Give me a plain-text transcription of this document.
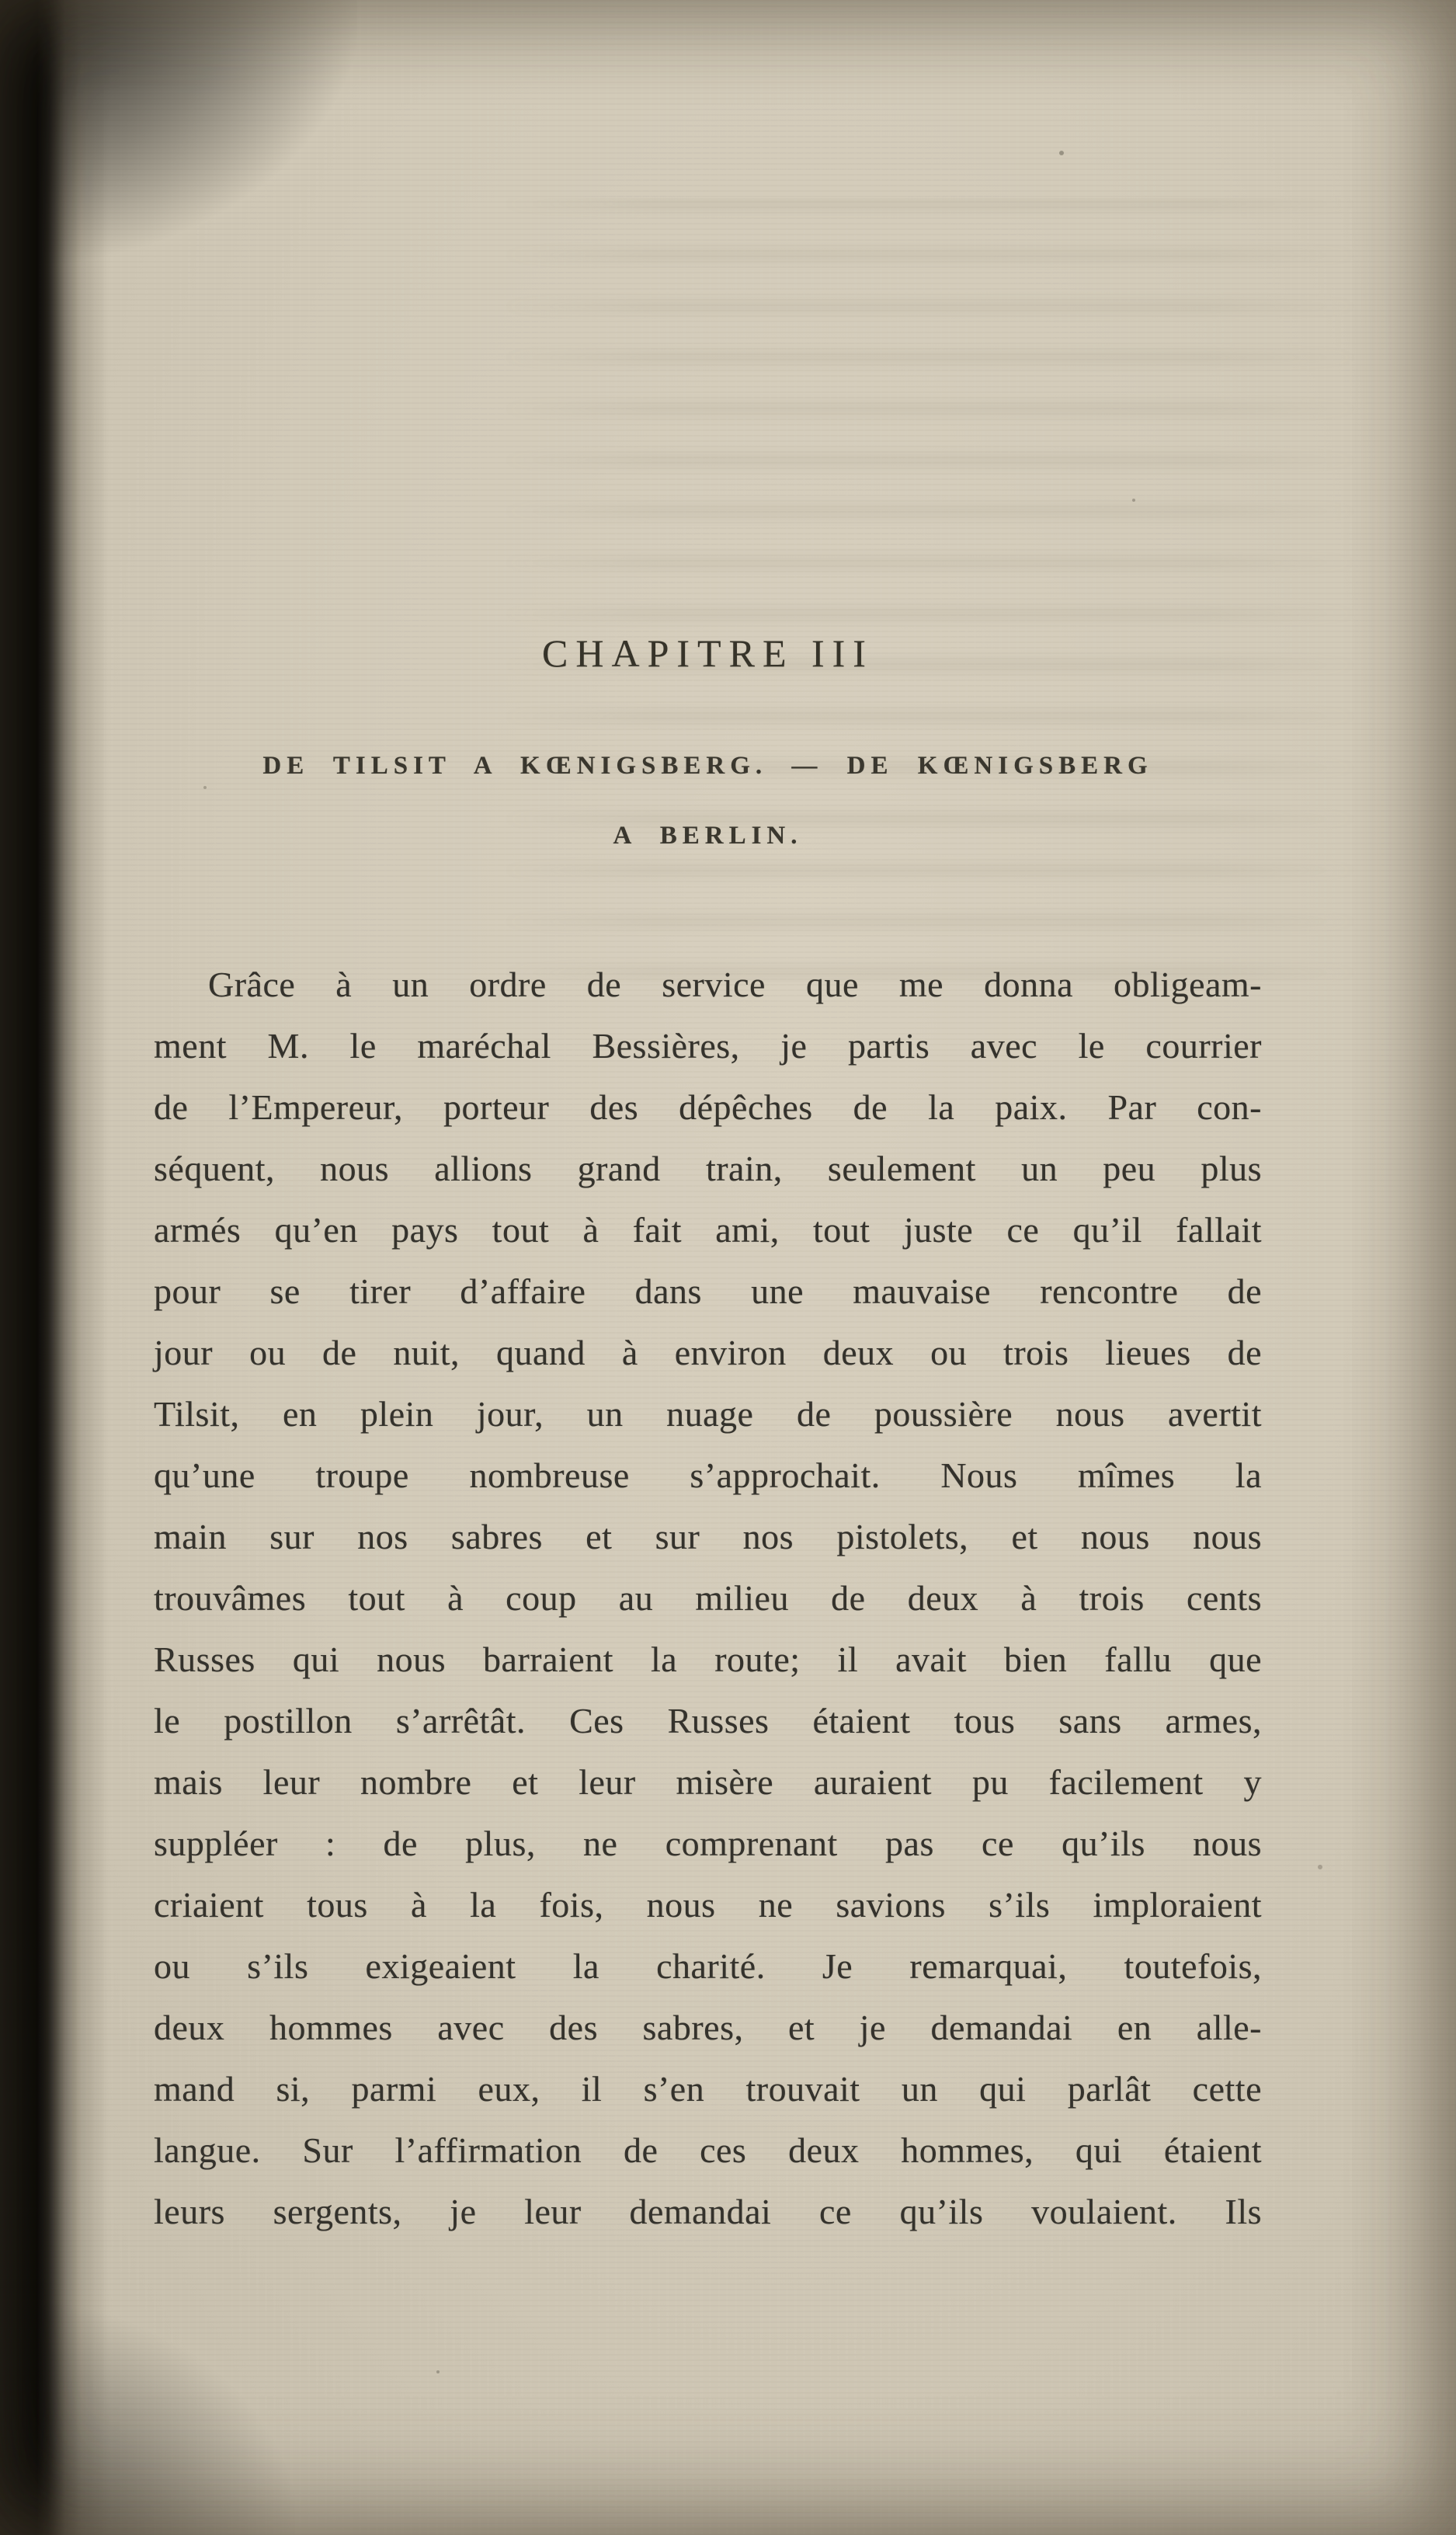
CHAPITRE III
DE TILSIT A KŒNIGSBERG. — DE KŒNIGSBERG
A BERLIN.
Grâce à un ordre de service que me donna obligeam-
ment M. le maréchal Bessières, je partis avec le courrier
de l’Empereur, porteur des dépêches de la paix. Par con-
séquent, nous allions grand train, seulement un peu plus
armés qu’en pays tout à fait ami, tout juste ce qu’il fallait
pour se tirer d’affaire dans une mauvaise rencontre de
jour ou de nuit, quand à environ deux ou trois lieues de
Tilsit, en plein jour, un nuage de poussière nous avertit
qu’une troupe nombreuse s’approchait. Nous mîmes la
main sur nos sabres et sur nos pistolets, et nous nous
trouvâmes tout à coup au milieu de deux à trois cents
Russes qui nous barraient la route; il avait bien fallu que
le postillon s’arrêtât. Ces Russes étaient tous sans armes,
mais leur nombre et leur misère auraient pu facilement y
suppléer : de plus, ne comprenant pas ce qu’ils nous
criaient tous à la fois, nous ne savions s’ils imploraient
ou s’ils exigeaient la charité. Je remarquai, toutefois,
deux hommes avec des sabres, et je demandai en alle-
mand si, parmi eux, il s’en trouvait un qui parlât cette
langue. Sur l’affirmation de ces deux hommes, qui étaient
leurs sergents, je leur demandai ce qu’ils voulaient. Ils
